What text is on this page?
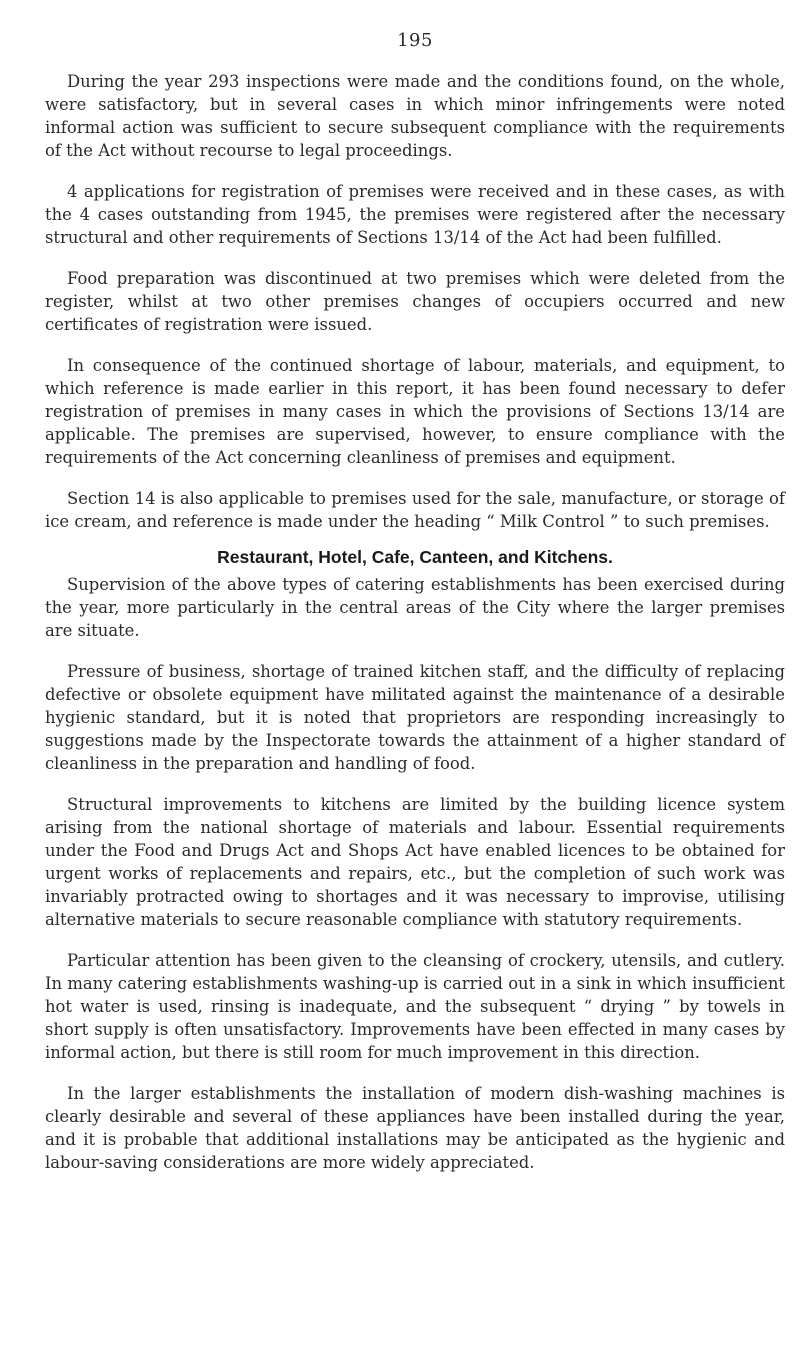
195

During the year 293 inspections were made and the conditions found, on the whole, were satisfactory, but in several cases in which minor infringements were noted informal action was sufficient to secure subsequent compliance with the requirements of the Act without recourse to legal proceedings.

4 applications for registration of premises were received and in these cases, as with the 4 cases outstanding from 1945, the premises were registered after the necessary structural and other requirements of Sections 13/14 of the Act had been fulfilled.

Food preparation was discontinued at two premises which were deleted from the register, whilst at two other premises changes of occupiers occurred and new certificates of registration were issued.

In consequence of the continued shortage of labour, materials, and equipment, to which reference is made earlier in this report, it has been found necessary to defer registration of premises in many cases in which the provisions of Sections 13/14 are applicable. The premises are supervised, however, to ensure compliance with the requirements of the Act concerning cleanliness of premises and equipment.

Section 14 is also applicable to premises used for the sale, manufacture, or storage of ice cream, and reference is made under the heading “ Milk Control ” to such premises.

Restaurant, Hotel, Cafe, Canteen, and Kitchens.

Supervision of the above types of catering establishments has been exercised during the year, more particularly in the central areas of the City where the larger premises are situate.

Pressure of business, shortage of trained kitchen staff, and the difficulty of replacing defective or obsolete equipment have militated against the maintenance of a desirable hygienic standard, but it is noted that proprietors are responding increasingly to suggestions made by the Inspectorate towards the attainment of a higher standard of cleanliness in the preparation and handling of food.

Structural improvements to kitchens are limited by the building licence system arising from the national shortage of materials and labour. Essential requirements under the Food and Drugs Act and Shops Act have enabled licences to be obtained for urgent works of replacements and repairs, etc., but the completion of such work was invariably protracted owing to shortages and it was necessary to improvise, utilising alternative materials to secure reasonable compliance with statutory requirements.

Particular attention has been given to the cleansing of crockery, utensils, and cutlery. In many catering establishments washing-up is carried out in a sink in which insufficient hot water is used, rinsing is inadequate, and the subsequent “ drying ” by towels in short supply is often unsatisfactory. Improvements have been effected in many cases by informal action, but there is still room for much improvement in this direction.

In the larger establishments the installation of modern dish-washing machines is clearly desirable and several of these appliances have been installed during the year, and it is probable that additional installations may be anticipated as the hygienic and labour-saving considerations are more widely appreciated.
